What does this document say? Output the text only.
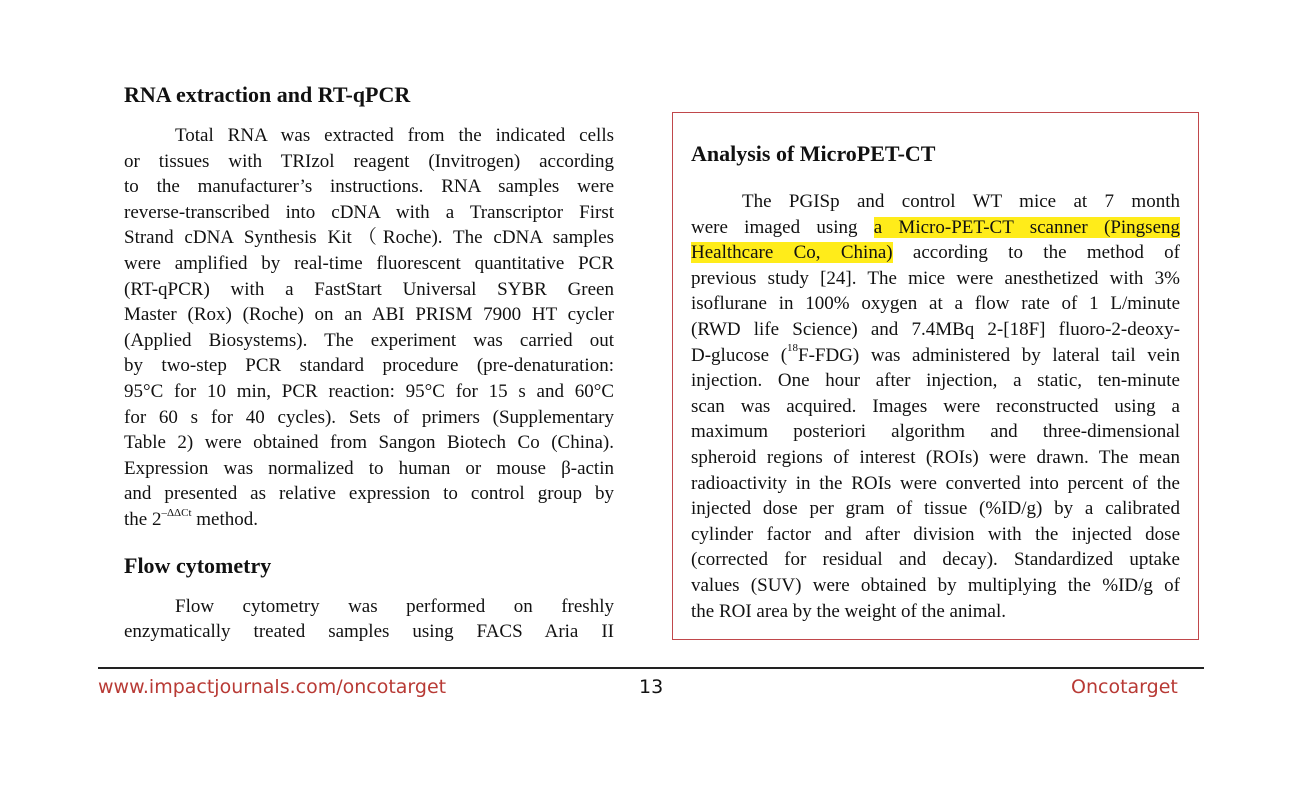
RNA extraction and RT-qPCR

Total RNA was extracted from the indicated cells
or tissues with TRIzol reagent (Invitrogen) according
to the manufacturer’s instructions. RNA samples were
reverse-transcribed into cDNA with a Transcriptor First
Strand cDNA Synthesis Kit（Roche). The cDNA samples
were amplified by real-time fluorescent quantitative PCR
(RT-qPCR) with a FastStart Universal SYBR Green
Master (Rox) (Roche) on an ABI PRISM 7900 HT cycler
(Applied Biosystems). The experiment was carried out
by two-step PCR standard procedure (pre-denaturation:
95°C for 10 min, PCR reaction: 95°C for 15 s and 60°C
for 60 s for 40 cycles). Sets of primers (Supplementary
Table 2) were obtained from Sangon Biotech Co (China).
Expression was normalized to human or mouse β-actin
and presented as relative expression to control group by
the $2^{-\Delta\Delta Ct}$ method.

Flow cytometry

Flow cytometry was performed on freshly
enzymatically treated samples using FACS Aria II

Analysis of MicroPET-CT

The PGISp and control WT mice at 7 month
were imaged using a Micro-PET-CT scanner (Pingseng
Healthcare Co, China) according to the method of
previous study [24]. The mice were anesthetized with 3%
isoflurane in 100% oxygen at a flow rate of 1 L/minute
(RWD life Science) and 7.4MBq 2-[18F] fluoro-2-deoxy-
D-glucose ($^{18}$F-FDG) was administered by lateral tail vein
injection. One hour after injection, a static, ten-minute
scan was acquired. Images were reconstructed using a
maximum posteriori algorithm and three-dimensional
spheroid regions of interest (ROIs) were drawn. The mean
radioactivity in the ROIs were converted into percent of the
injected dose per gram of tissue (%ID/g) by a calibrated
cylinder factor and after division with the injected dose
(corrected for residual and decay). Standardized uptake
values (SUV) were obtained by multiplying the %ID/g of
the ROI area by the weight of the animal.

www.impactjournals.com/oncotarget	13	Oncotarget
